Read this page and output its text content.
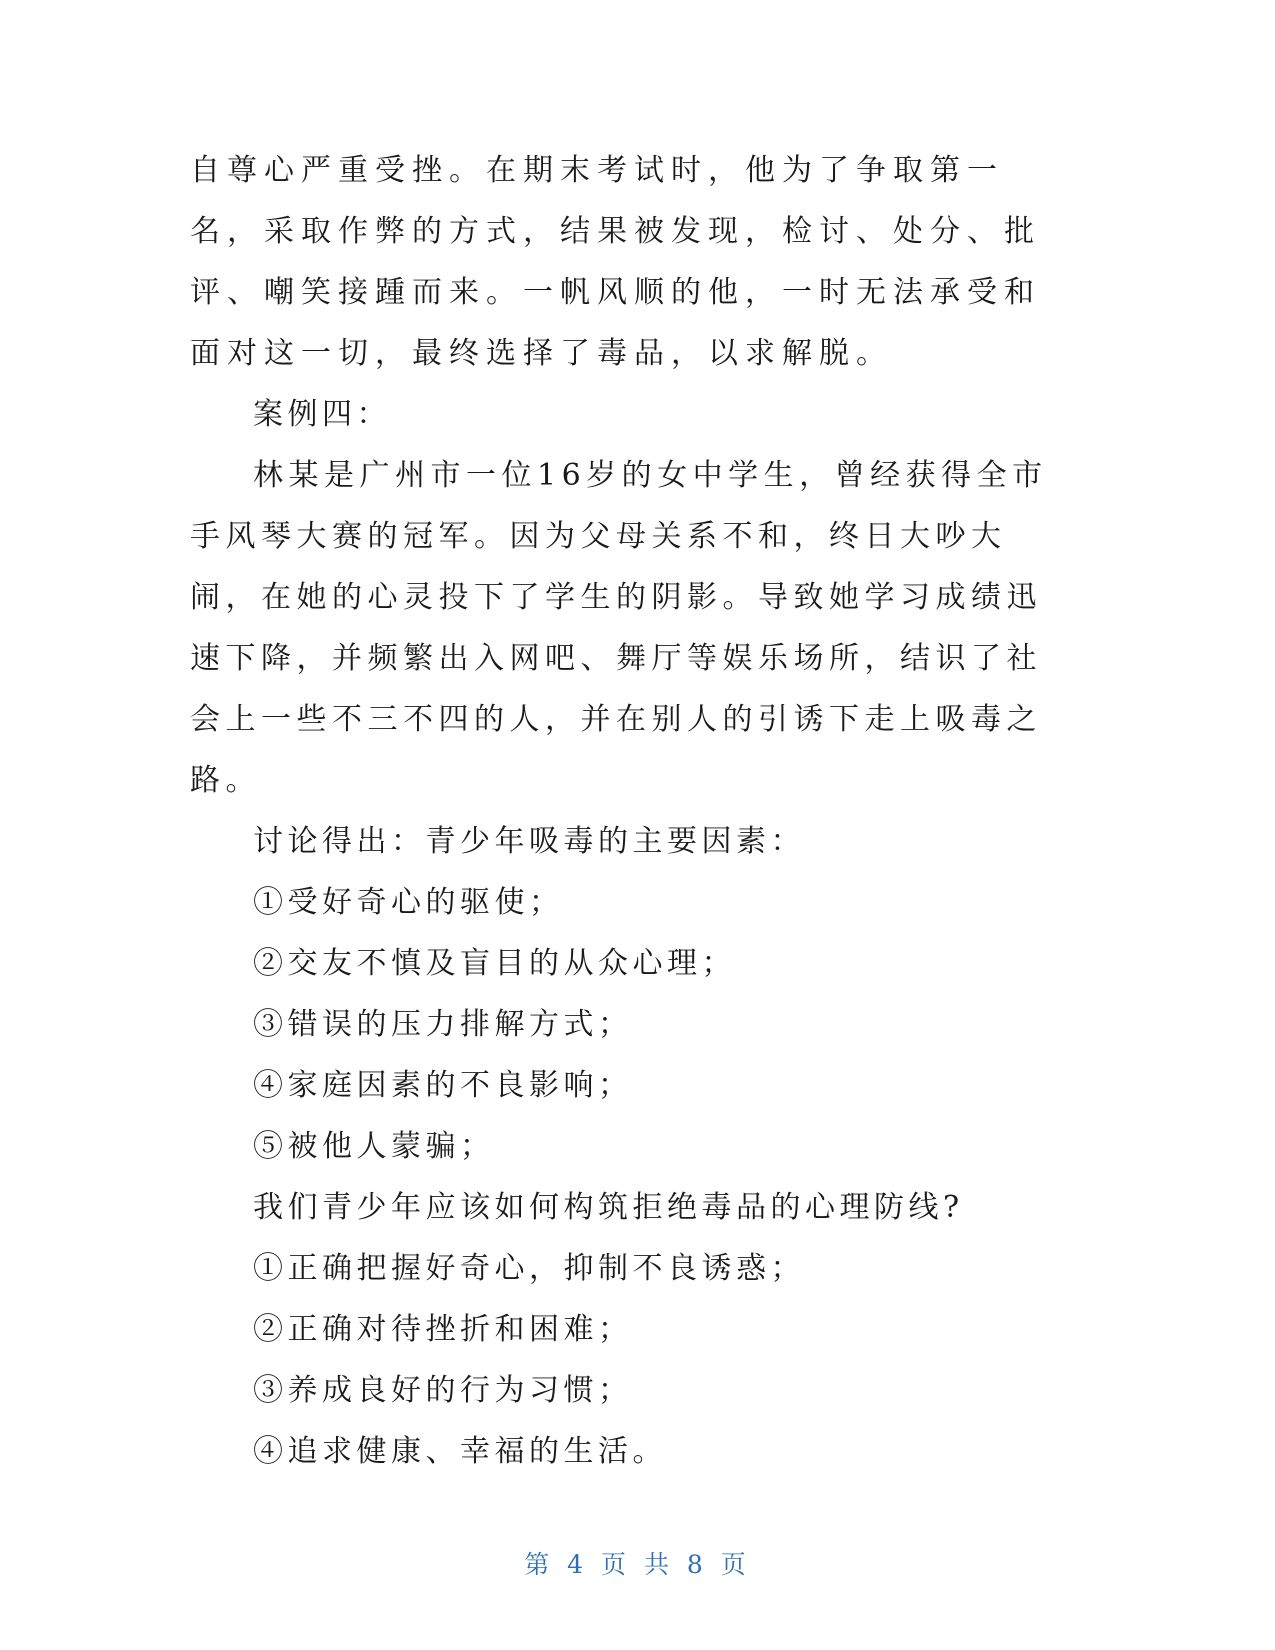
自尊心严重受挫。在期末考试时，他为了争取第一名，采取作弊的方式，结果被发现，检讨、处分、批评、嘲笑接踵而来。一帆风顺的他，一时无法承受和面对这一切，最终选择了毒品，以求解脱。

案例四：

林某是广州市一位16岁的女中学生，曾经获得全市手风琴大赛的冠军。因为父母关系不和，终日大吵大闹，在她的心灵投下了学生的阴影。导致她学习成绩迅速下降，并频繁出入网吧、舞厅等娱乐场所，结识了社会上一些不三不四的人，并在别人的引诱下走上吸毒之路。

讨论得出：青少年吸毒的主要因素：

①受好奇心的驱使；

②交友不慎及盲目的从众心理；

③错误的压力排解方式；

④家庭因素的不良影响；

⑤被他人蒙骗；

我们青少年应该如何构筑拒绝毒品的心理防线?

①正确把握好奇心，抑制不良诱惑；

②正确对待挫折和困难；

③养成良好的行为习惯；

④追求健康、幸福的生活。

第 4 页 共 8 页
